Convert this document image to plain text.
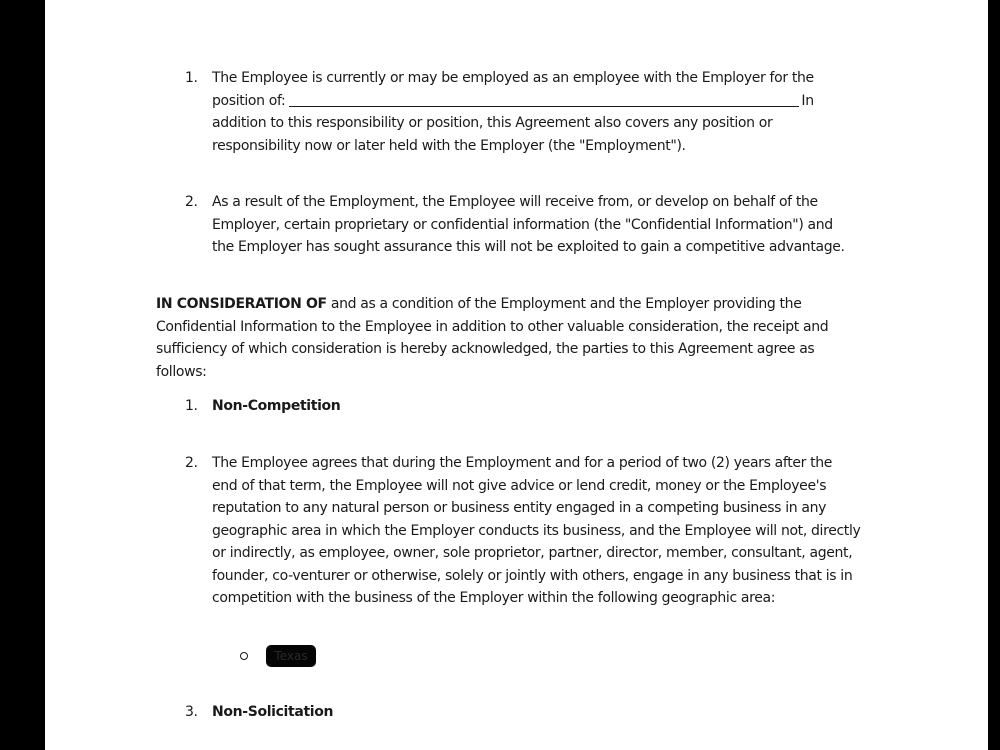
1.	The Employee is currently or may be employed as an employee with the Employer for the
position of:	In
addition to this responsibility or position, this Agreement also covers any position or
responsibility now or later held with the Employer (the "Employment").
2.	As a result of the Employment, the Employee will receive from, or develop on behalf of the
Employer, certain proprietary or confidential information (the "Confidential Information") and
the Employer has sought assurance this will not be exploited to gain a competitive advantage.
IN CONSIDERATION OF and as a condition of the Employment and the Employer providing the
Confidential Information to the Employee in addition to other valuable consideration, the receipt and
sufficiency of which consideration is hereby acknowledged, the parties to this Agreement agree as
follows:
1.	Non-Competition
2.	The Employee agrees that during the Employment and for a period of two (2) years after the
end of that term, the Employee will not give advice or lend credit, money or the Employee's
reputation to any natural person or business entity engaged in a competing business in any
geographic area in which the Employer conducts its business, and the Employee will not, directly
or indirectly, as employee, owner, sole proprietor, partner, director, member, consultant, agent,
founder, co-venturer or otherwise, solely or jointly with others, engage in any business that is in
competition with the business of the Employer within the following geographic area:
Texas
3.	Non-Solicitation
